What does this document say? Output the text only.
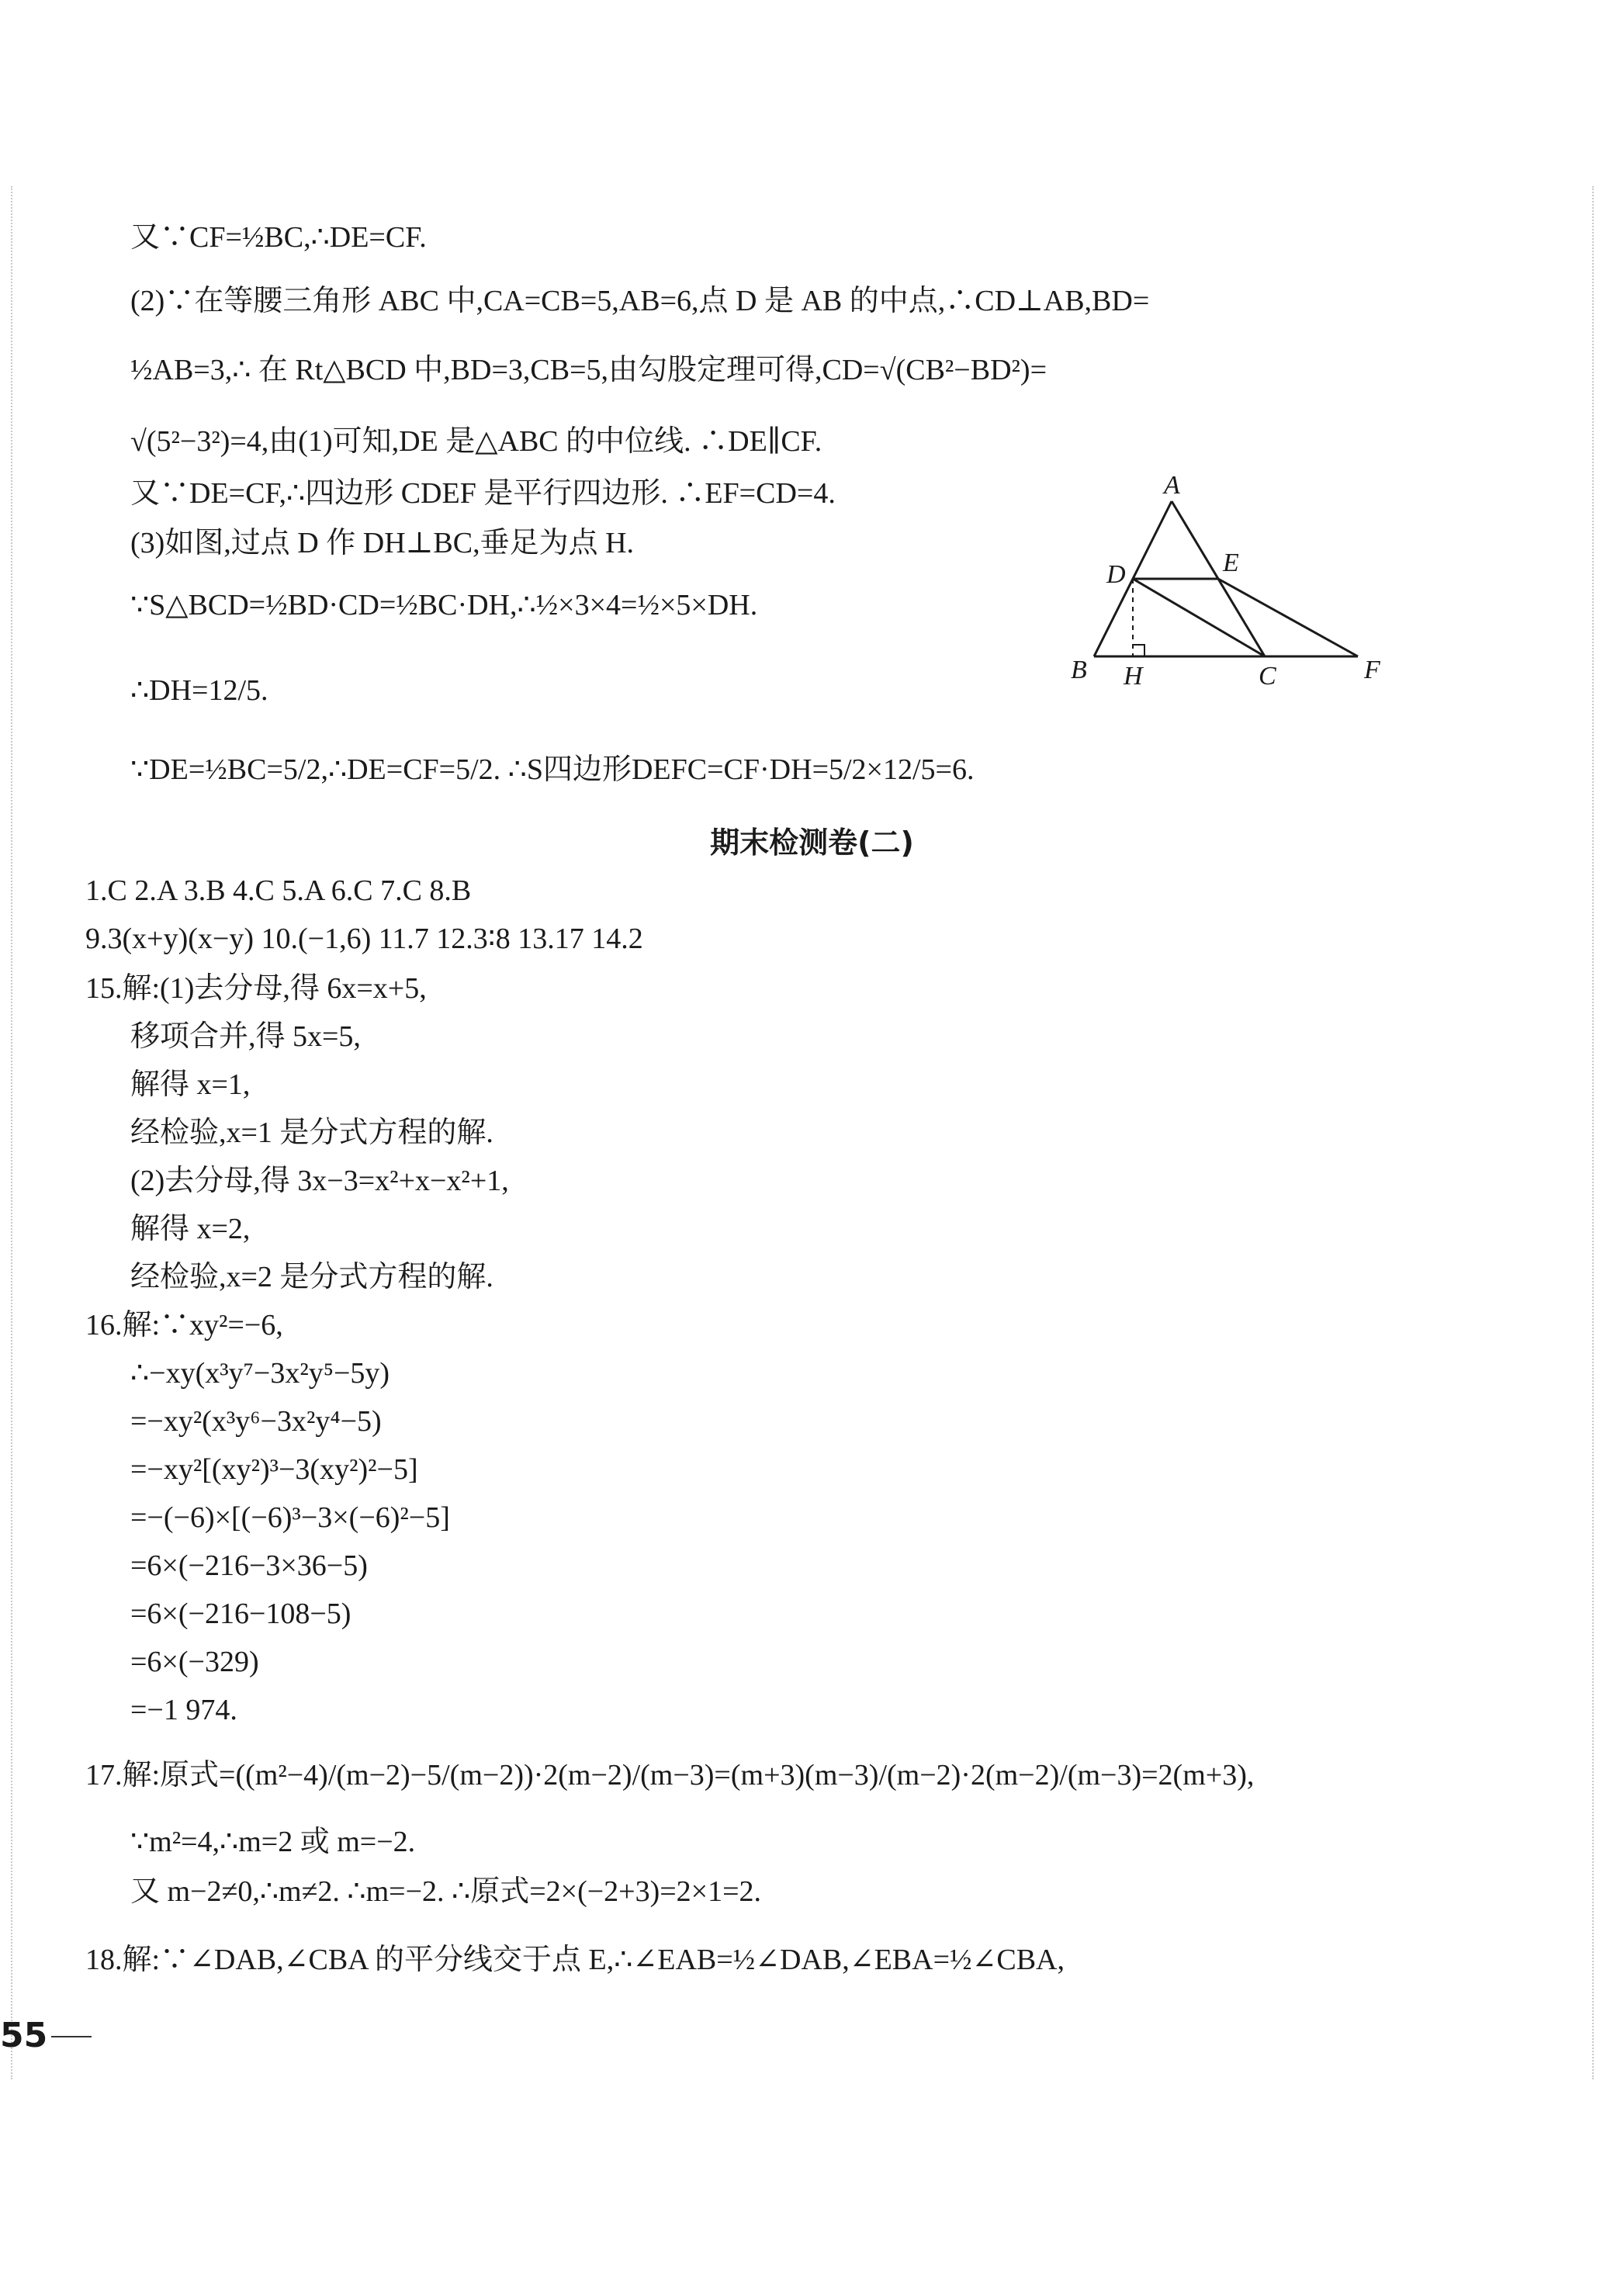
又∵CF=½BC,∴DE=CF.
(2)∵在等腰三角形 ABC 中,CA=CB=5,AB=6,点 D 是 AB 的中点,∴CD⊥AB,BD=
½AB=3,∴ 在 Rt△BCD 中,BD=3,CB=5,由勾股定理可得,CD=√(CB²−BD²)=
√(5²−3²)=4,由(1)可知,DE 是△ABC 的中位线. ∴DE∥CF.
又∵DE=CF,∴四边形 CDEF 是平行四边形. ∴EF=CD=4.
(3)如图,过点 D 作 DH⊥BC,垂足为点 H.
∵S△BCD=½BD·CD=½BC·DH,∴½×3×4=½×5×DH.
∴DH=12/5.
∵DE=½BC=5/2,∴DE=CF=5/2. ∴S四边形DEFC=CF·DH=5/2×12/5=6.
期末检测卷(二)
1.C 2.A 3.B 4.C 5.A 6.C 7.C 8.B
9.3(x+y)(x−y) 10.(−1,6) 11.7 12.3∶8 13.17 14.2
15.解:(1)去分母,得 6x=x+5,
移项合并,得 5x=5,
解得 x=1,
经检验,x=1 是分式方程的解.
(2)去分母,得 3x−3=x²+x−x²+1,
解得 x=2,
经检验,x=2 是分式方程的解.
16.解:∵xy²=−6,
∴−xy(x³y⁷−3x²y⁵−5y)
=−xy²(x³y⁶−3x²y⁴−5)
=−xy²[(xy²)³−3(xy²)²−5]
=−(−6)×[(−6)³−3×(−6)²−5]
=6×(−216−3×36−5)
=6×(−216−108−5)
=6×(−329)
=−1 974.
17.解:原式=((m²−4)/(m−2)−5/(m−2))·2(m−2)/(m−3)=(m+3)(m−3)/(m−2)·2(m−2)/(m−3)=2(m+3),
∵m²=4,∴m=2 或 m=−2.
又 m−2≠0,∴m≠2. ∴m=−2. ∴原式=2×(−2+3)=2×1=2.
18.解:∵∠DAB,∠CBA 的平分线交于点 E,∴∠EAB=½∠DAB,∠EBA=½∠CBA,
55
A
B	C
D	E
F
H
